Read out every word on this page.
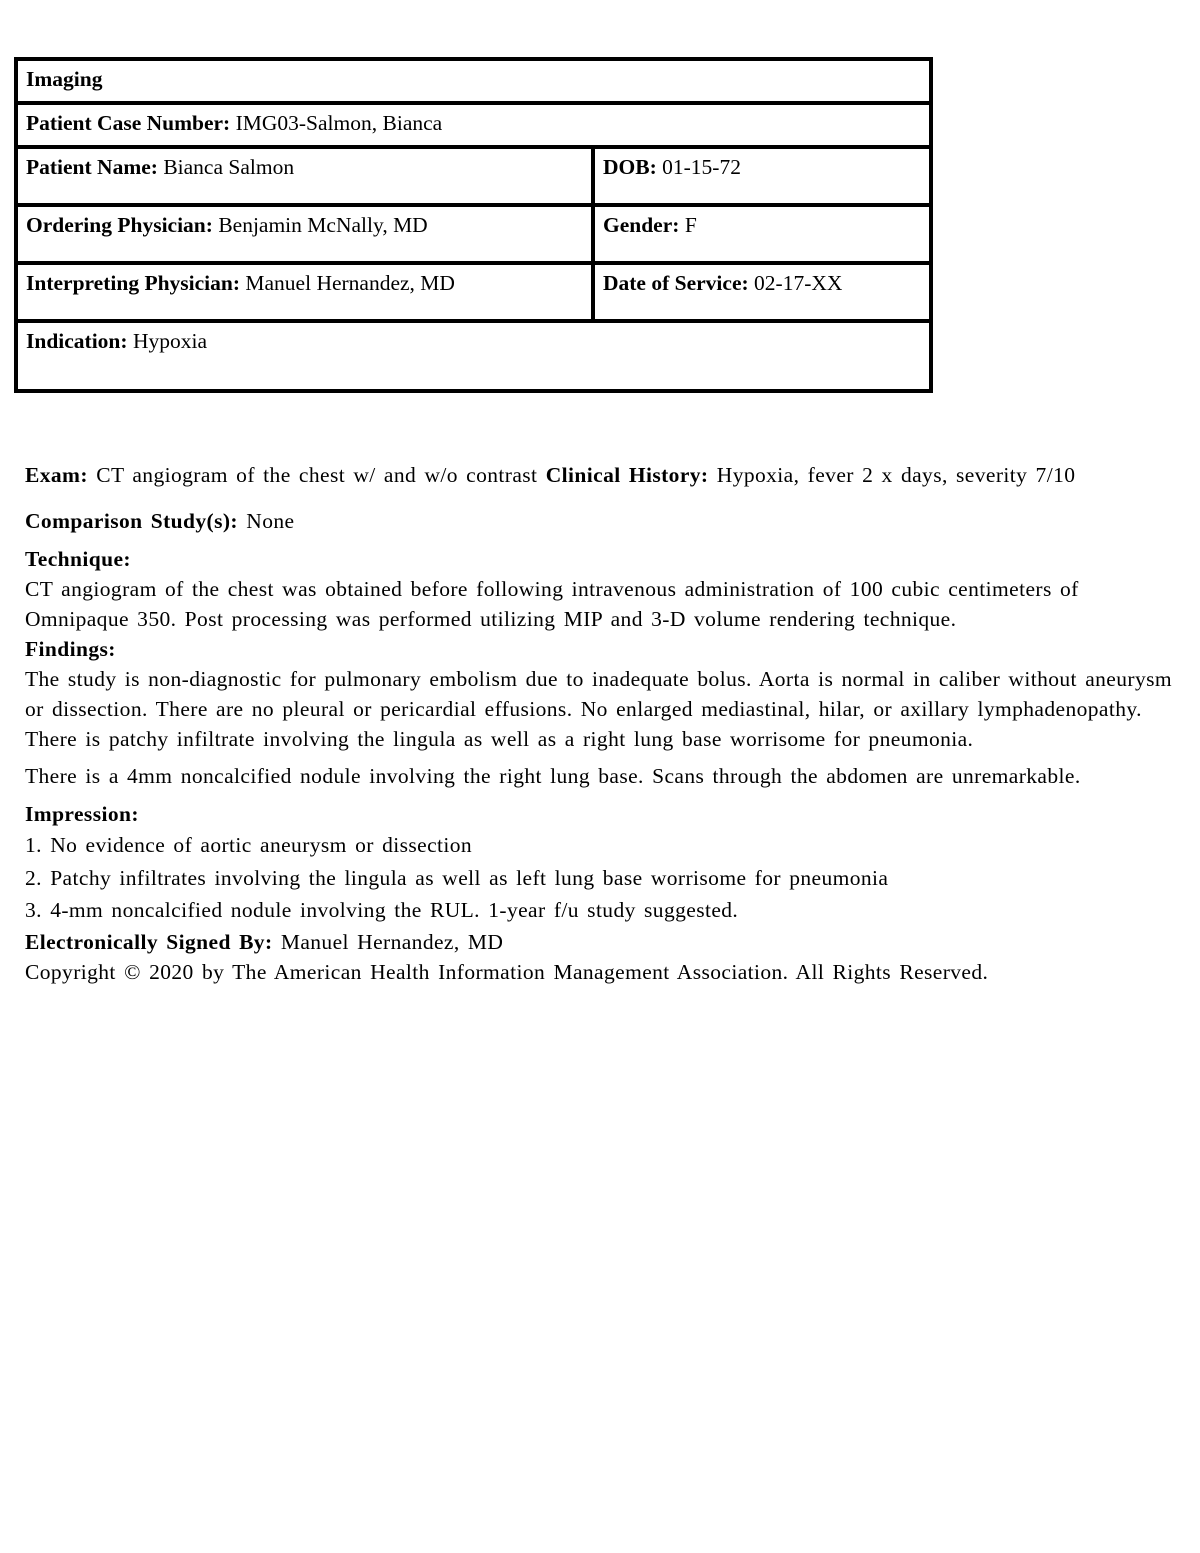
Imaging	
Patient Case Number: IMG03-Salmon, Bianca	
Patient Name: Bianca Salmon	DOB: 01-15-72
Ordering Physician: Benjamin McNally, MD	Gender: F
Interpreting Physician: Manuel Hernandez, MD	Date of Service: 02-17-XX
Indication: Hypoxia	

Exam: CT angiogram of the chest w/ and w/o contrast Clinical History: Hypoxia, fever 2 x days, severity 7/10 Comparison Study(s): None

Technique:

CT angiogram of the chest was obtained before following intravenous administration of 100 cubic centimeters of Omnipaque 350. Post processing was performed utilizing MIP and 3-D volume rendering technique.

Findings:

The study is non-diagnostic for pulmonary embolism due to inadequate bolus. Aorta is normal in caliber without aneurysm or dissection. There are no pleural or pericardial effusions. No enlarged mediastinal, hilar, or axillary lymphadenopathy. There is patchy infiltrate involving the lingula as well as a right lung base worrisome for pneumonia.

There is a 4mm noncalcified nodule involving the right lung base. Scans through the abdomen are unremarkable.

Impression:

1. No evidence of aortic aneurysm or dissection
2. Patchy infiltrates involving the lingula as well as left lung base worrisome for pneumonia
3. 4-mm noncalcified nodule involving the RUL. 1-year f/u study suggested.

Electronically Signed By: Manuel Hernandez, MD

Copyright © 2020 by The American Health Information Management Association. All Rights Reserved.
